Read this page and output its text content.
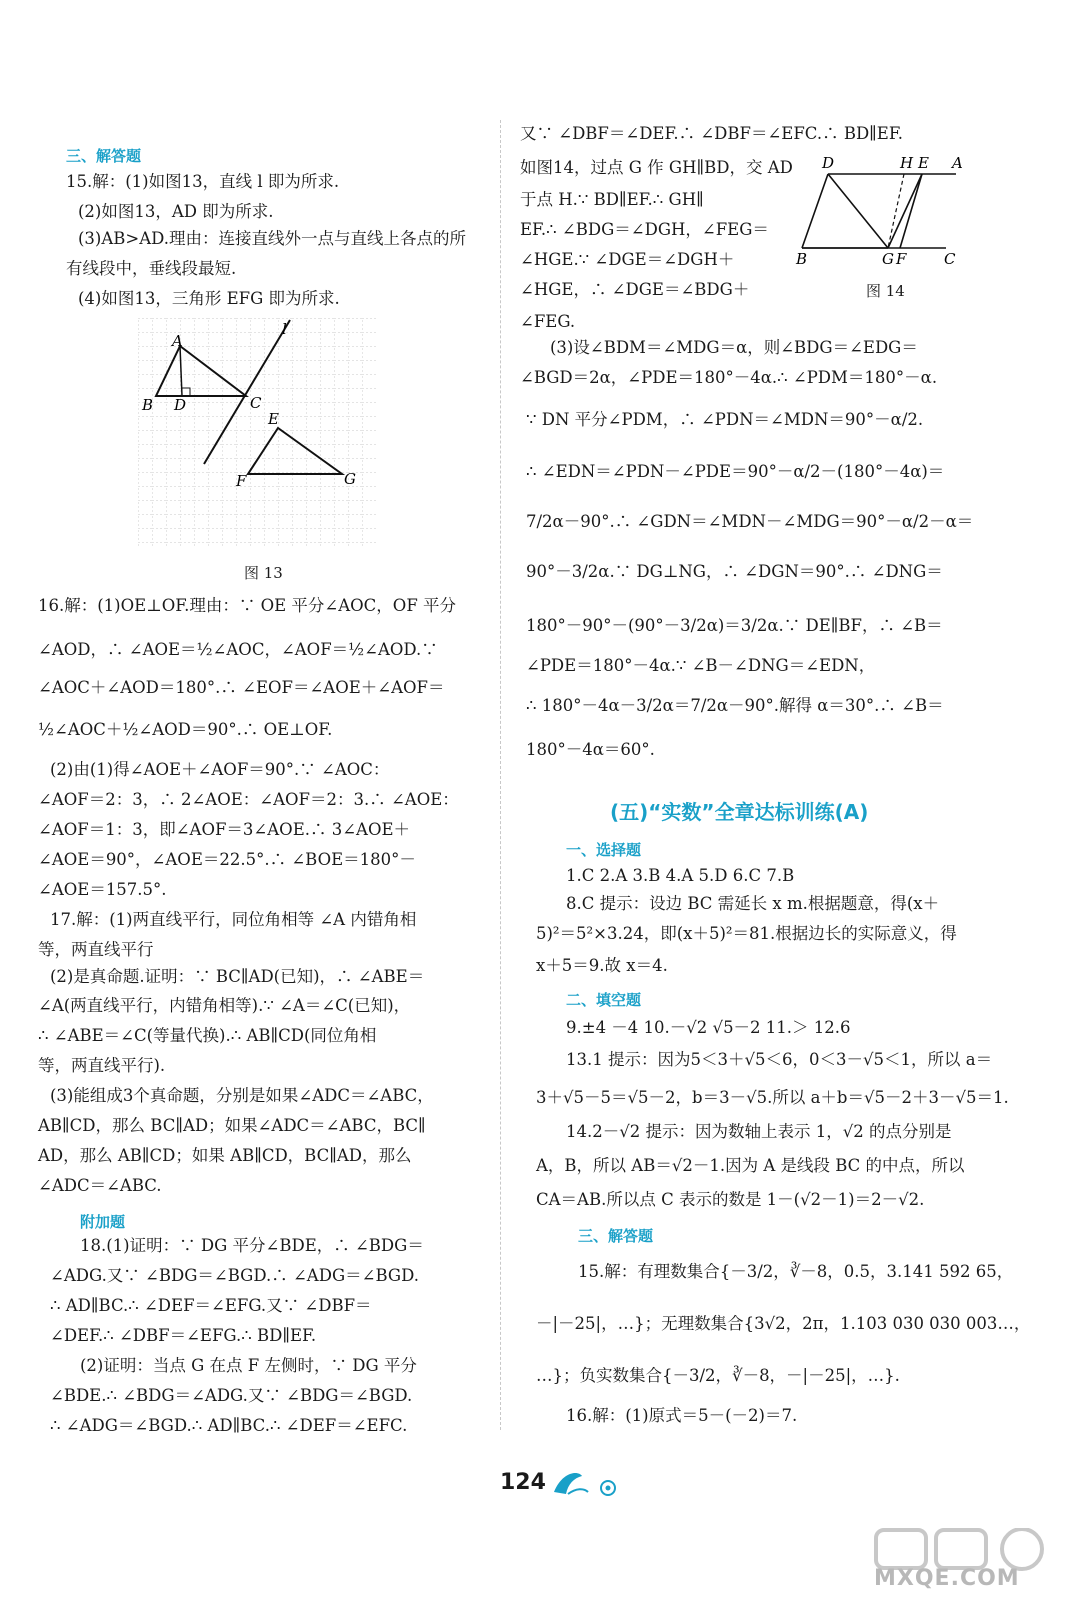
A
B D	C
l
E
F	G
图 13
D	H E A
B	G F	C
图 14
(五)“实数”全章达标训练(A)
124
MXQE.COM
三、解答题
15.解：(1)如图13，直线 l 即为所求.
(2)如图13，AD 即为所求.
(3)AB>AD.理由：连接直线外一点与直线上各点的所
有线段中，垂线段最短.
(4)如图13，三角形 EFG 即为所求.
16.解：(1)OE⊥OF.理由：∵ OE 平分∠AOC，OF 平分
∠AOD，∴ ∠AOE＝½∠AOC，∠AOF＝½∠AOD.∵
∠AOC＋∠AOD＝180°.∴ ∠EOF＝∠AOE＋∠AOF＝
½∠AOC＋½∠AOD＝90°.∴ OE⊥OF.
(2)由(1)得∠AOE＋∠AOF＝90°.∵ ∠AOC：
∠AOF＝2：3，∴ 2∠AOE：∠AOF＝2：3.∴ ∠AOE：
∠AOF＝1：3，即∠AOF＝3∠AOE.∴ 3∠AOE＋
∠AOE＝90°，∠AOE＝22.5°.∴ ∠BOE＝180°－
∠AOE＝157.5°.
17.解：(1)两直线平行，同位角相等 ∠A 内错角相
等，两直线平行
(2)是真命题.证明：∵ BC∥AD(已知)，∴ ∠ABE＝
∠A(两直线平行，内错角相等).∵ ∠A＝∠C(已知)，
∴ ∠ABE＝∠C(等量代换).∴ AB∥CD(同位角相
等，两直线平行).
(3)能组成3个真命题，分别是如果∠ADC＝∠ABC，
AB∥CD，那么 BC∥AD；如果∠ADC＝∠ABC，BC∥
AD，那么 AB∥CD；如果 AB∥CD，BC∥AD，那么
∠ADC＝∠ABC.
附加题
18.(1)证明：∵ DG 平分∠BDE，∴ ∠BDG＝
∠ADG.又∵ ∠BDG＝∠BGD.∴ ∠ADG＝∠BGD.
∴ AD∥BC.∴ ∠DEF＝∠EFG.又∵ ∠DBF＝
∠DEF.∴ ∠DBF＝∠EFG.∴ BD∥EF.
(2)证明：当点 G 在点 F 左侧时，∵ DG 平分
∠BDE.∴ ∠BDG＝∠ADG.又∵ ∠BDG＝∠BGD.
∴ ∠ADG＝∠BGD.∴ AD∥BC.∴ ∠DEF＝∠EFC.
又∵ ∠DBF＝∠DEF.∴ ∠DBF＝∠EFC.∴ BD∥EF.
如图14，过点 G 作 GH∥BD，交 AD
于点 H.∵ BD∥EF.∴ GH∥
EF.∴ ∠BDG＝∠DGH，∠FEG＝
∠HGE.∵ ∠DGE＝∠DGH＋
∠HGE，∴ ∠DGE＝∠BDG＋
∠FEG.
(3)设∠BDM＝∠MDG＝α，则∠BDG＝∠EDG＝
∠BGD＝2α，∠PDE＝180°－4α.∴ ∠PDM＝180°－α.
∵ DN 平分∠PDM，∴ ∠PDN＝∠MDN＝90°－α/2.
∴ ∠EDN＝∠PDN－∠PDE＝90°－α/2－(180°－4α)＝
7/2α－90°.∴ ∠GDN＝∠MDN－∠MDG＝90°－α/2－α＝
90°－3/2α.∵ DG⊥NG，∴ ∠DGN＝90°.∴ ∠DNG＝
180°－90°－(90°－3/2α)＝3/2α.∵ DE∥BF，∴ ∠B＝
∠PDE＝180°－4α.∵ ∠B－∠DNG＝∠EDN，
∴ 180°－4α－3/2α＝7/2α－90°.解得 α＝30°.∴ ∠B＝
180°－4α＝60°.
一、选择题
1.C 2.A 3.B 4.A 5.D 6.C 7.B
8.C 提示：设边 BC 需延长 x m.根据题意，得(x＋
5)²＝5²×3.24，即(x＋5)²＝81.根据边长的实际意义，得
x＋5＝9.故 x＝4.
二、填空题
9.±4 －4 10.－√2 √5－2 11.＞ 12.6
13.1 提示：因为5＜3＋√5＜6，0＜3－√5＜1，所以 a＝
3＋√5－5＝√5－2，b＝3－√5.所以 a＋b＝√5－2＋3－√5＝1.
14.2－√2 提示：因为数轴上表示 1，√2 的点分别是
A，B，所以 AB＝√2－1.因为 A 是线段 BC 的中点，所以
CA＝AB.所以点 C 表示的数是 1－(√2－1)＝2－√2.
三、解答题
15.解：有理数集合{－3/2，∛－8，0.5，3.141 592 65，
－|－25|，…}；无理数集合{3√2，2π，1.103 030 030 003…，
…}；负实数集合{－3/2，∛－8，－|－25|，…}.
16.解：(1)原式＝5－(－2)＝7.
